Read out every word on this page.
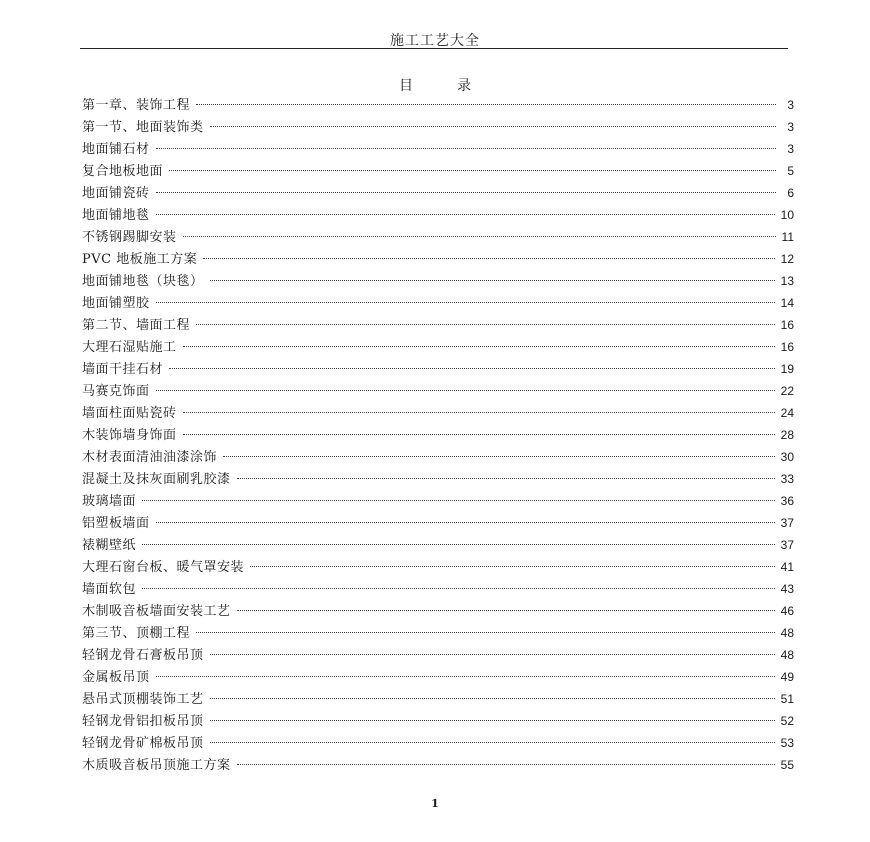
施工工艺大全
目	录
第一章、装饰工程	3
第一节、地面装饰类	3
地面铺石材	3
复合地板地面	5
地面铺瓷砖	6
地面铺地毯	10
不锈钢踢脚安装	11
PVC 地板施工方案	12
地面铺地毯（块毯）	13
地面铺塑胶	14
第二节、墙面工程	16
大理石湿贴施工	16
墙面干挂石材	19
马赛克饰面	22
墙面柱面贴瓷砖	24
木装饰墙身饰面	28
木材表面清油油漆涂饰	30
混凝土及抹灰面刷乳胶漆	33
玻璃墙面	36
铝塑板墙面	37
裱糊壁纸	37
大理石窗台板、暖气罩安装	41
墙面软包	43
木制吸音板墙面安装工艺	46
第三节、顶棚工程	48
轻钢龙骨石膏板吊顶	48
金属板吊顶	49
悬吊式顶棚装饰工艺	51
轻钢龙骨铝扣板吊顶	52
轻钢龙骨矿棉板吊顶	53
木质吸音板吊顶施工方案	55
1
